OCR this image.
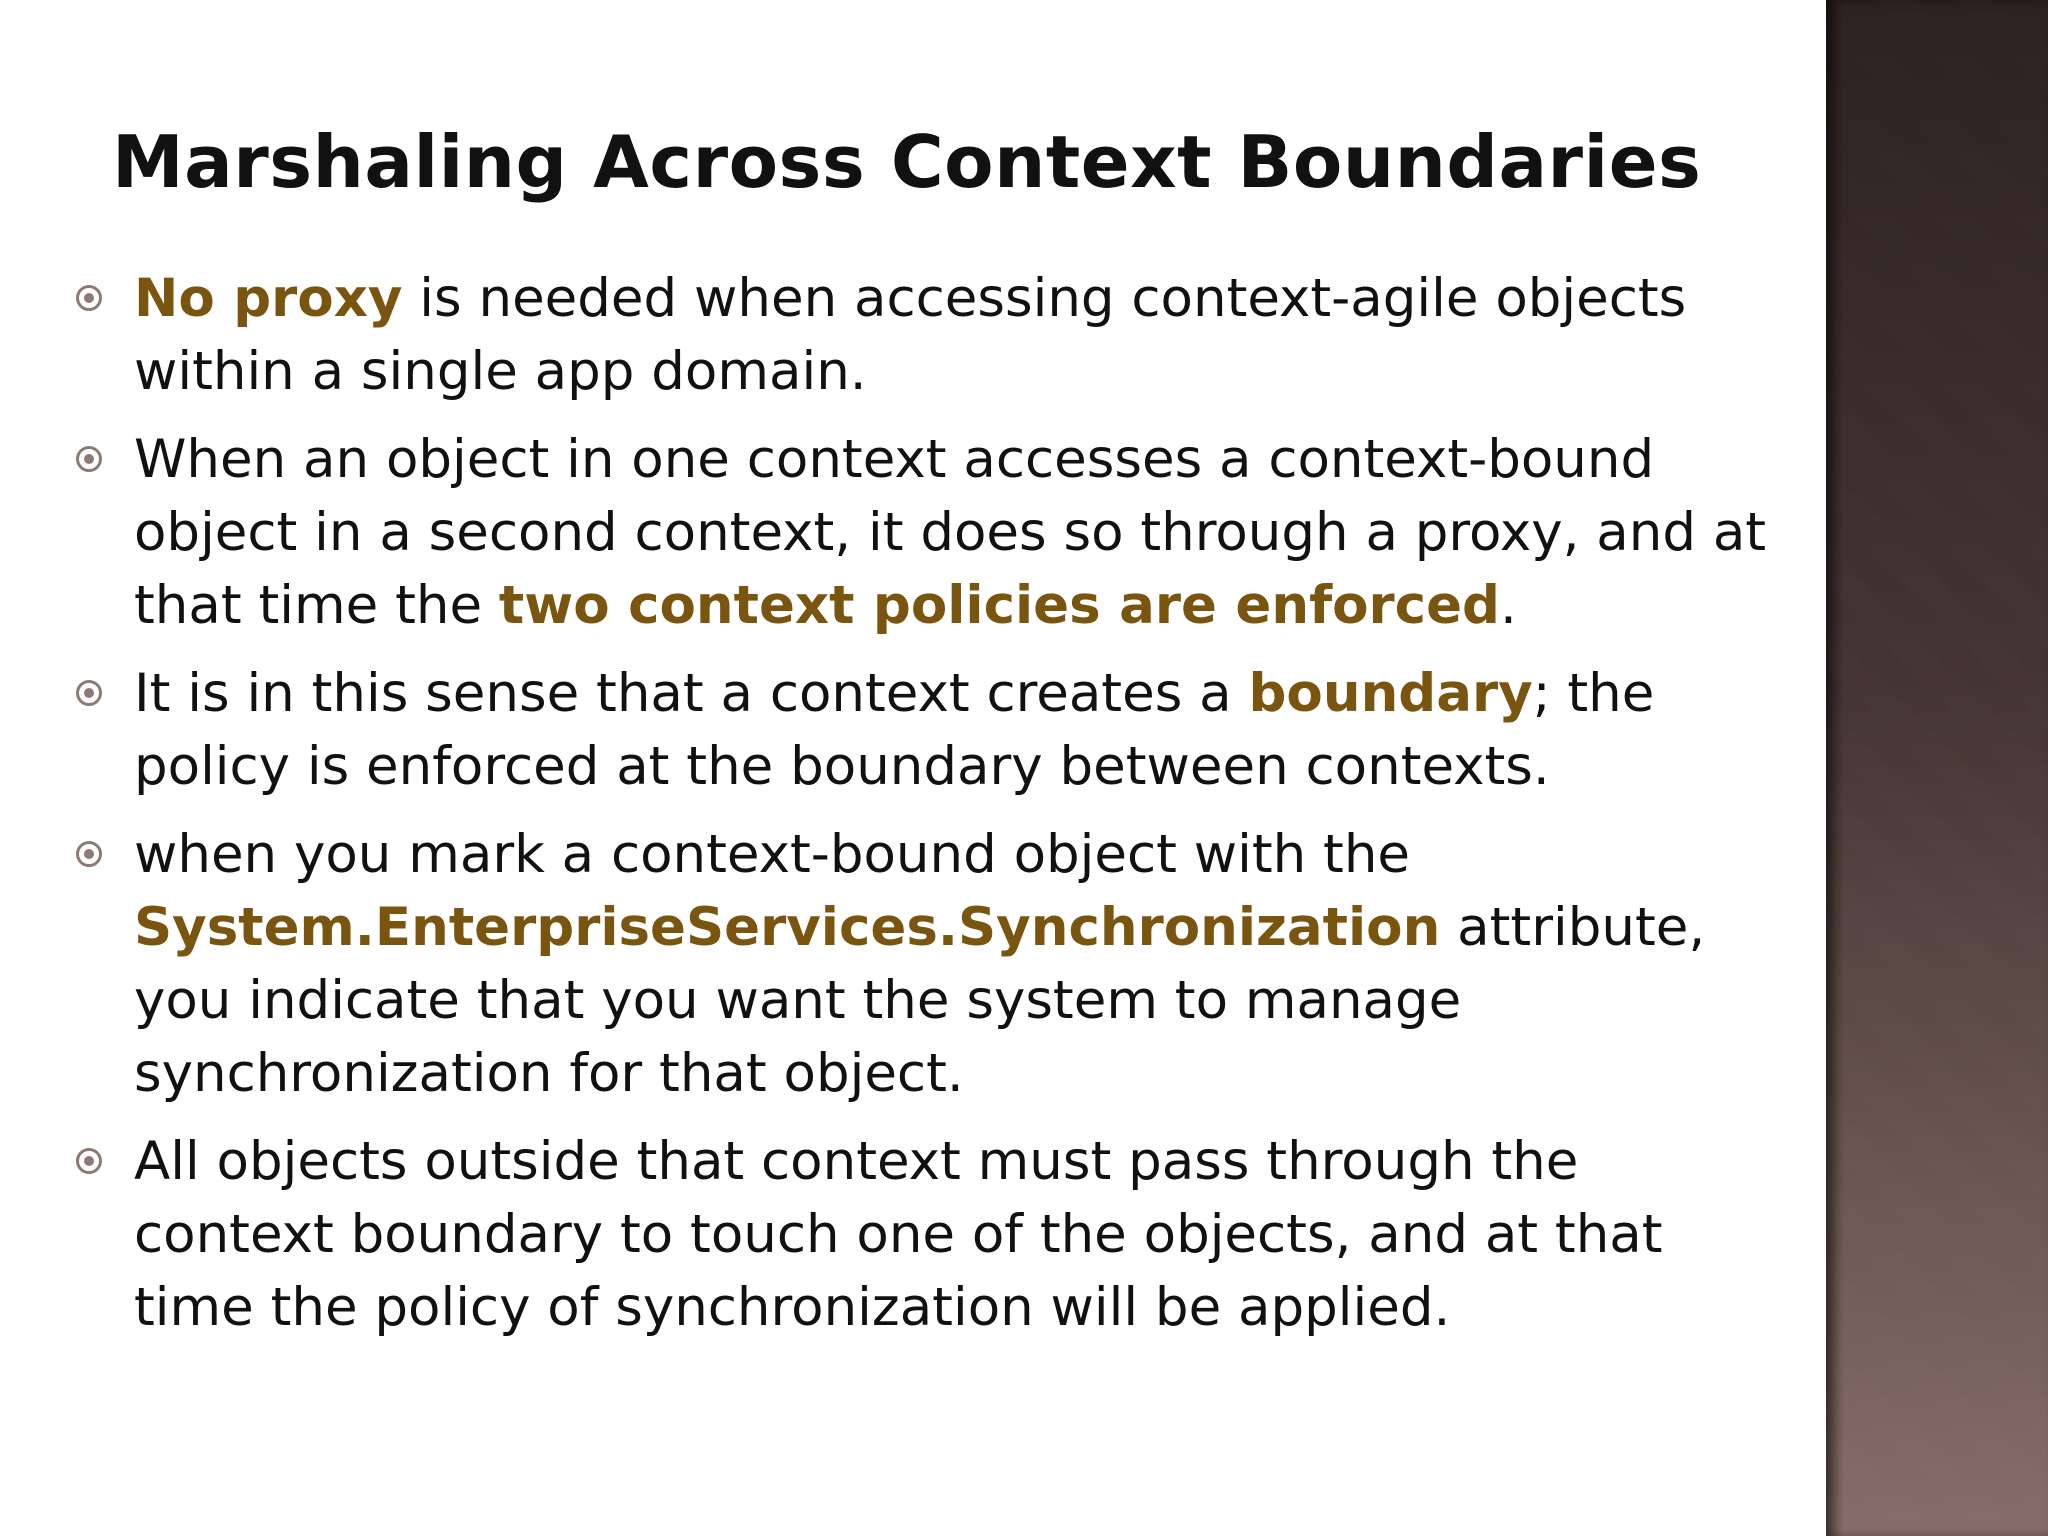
Marshaling Across Context Boundaries
No proxy is needed when accessing context-agile objects within a single app domain.
When an object in one context accesses a context-bound object in a second context, it does so through a proxy, and at that time the two context policies are enforced.
It is in this sense that a context creates a boundary; the policy is enforced at the boundary between contexts.
when you mark a context-bound object with the System.EnterpriseServices.Synchronization attribute, you indicate that you want the system to manage synchronization for that object.
All objects outside that context must pass through the context boundary to touch one of the objects, and at that time the policy of synchronization will be applied.
